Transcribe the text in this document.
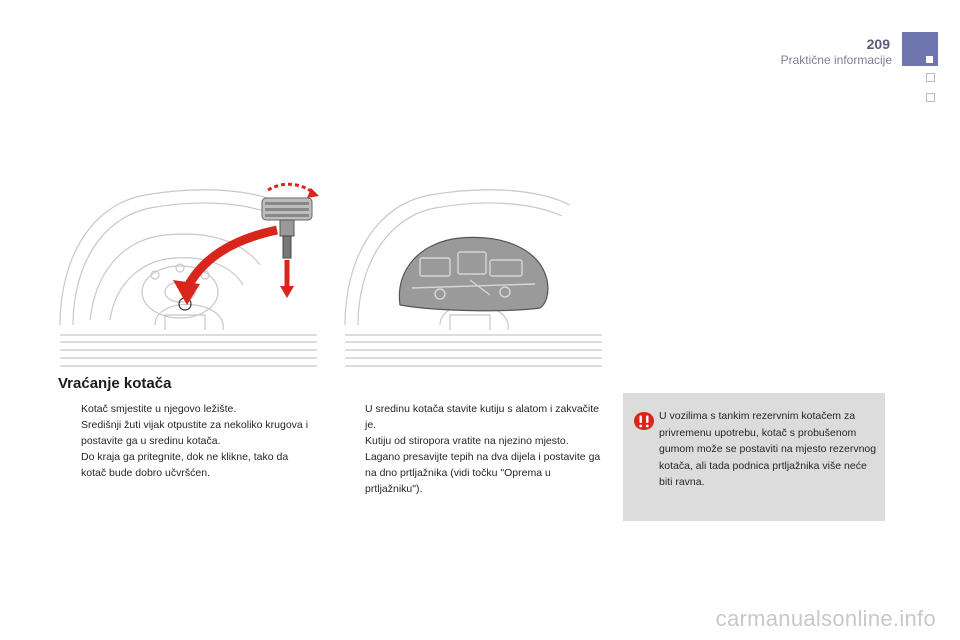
209
Praktične informacije
Vraćanje kotača
Kotač smjestite u njegovo ležište.
Središnji žuti vijak otpustite za nekoliko krugova i postavite ga u sredinu kotača.
Do kraja ga pritegnite, dok ne klikne, tako da kotač bude dobro učvršćen.
U sredinu kotača stavite kutiju s alatom i zakvačite je.
Kutiju od stiropora vratite na njezino mjesto.
Lagano presavijte tepih na dva dijela i postavite ga na dno prtljažnika (vidi točku "Oprema u prtljažniku").
U vozilima s tankim rezervnim kotačem za privremenu upotrebu, kotač s probušenom gumom može se postaviti na mjesto rezervnog kotača, ali tada podnica prtljažnika više neće biti ravna.
carmanualsonline.info
